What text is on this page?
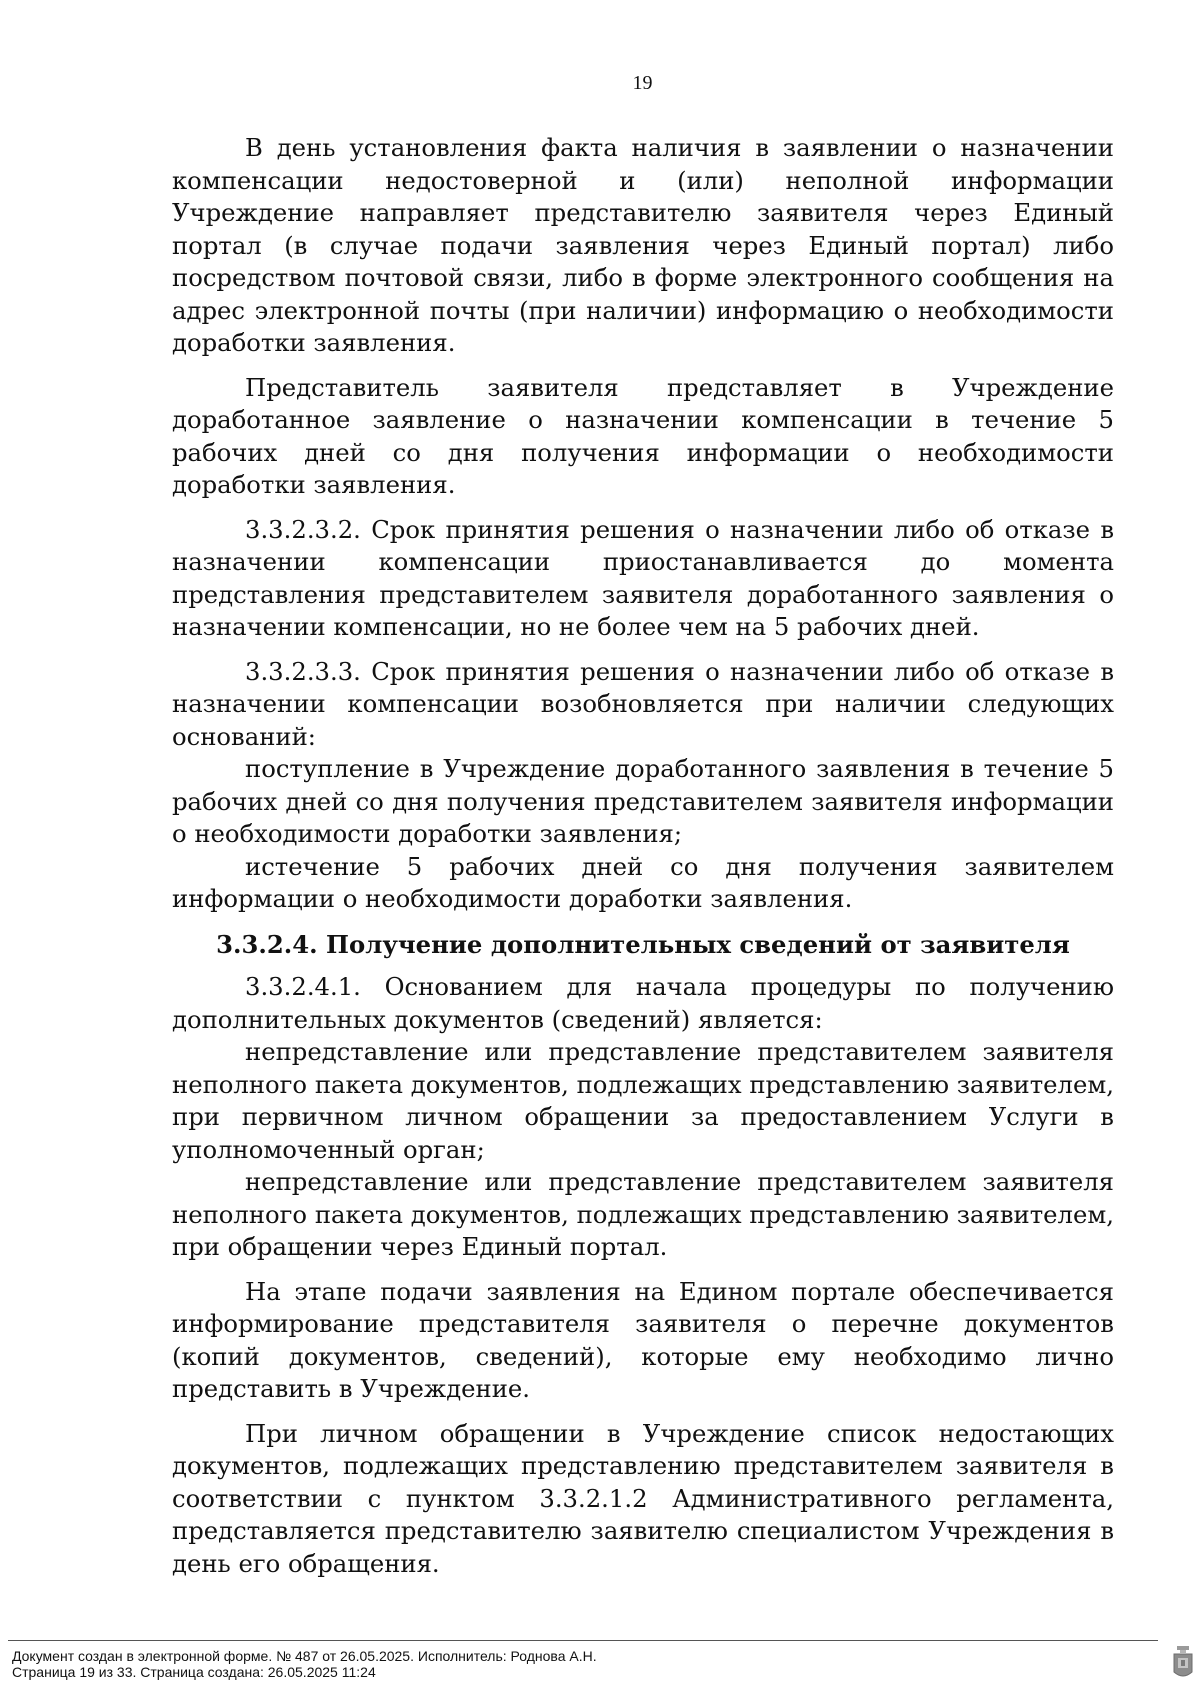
19

В день установления факта наличия в заявлении о назначении компенсации недостоверной и (или) неполной информации Учреждение направляет представителю заявителя через Единый портал (в случае подачи заявления через Единый портал) либо посредством почтовой связи, либо в форме электронного сообщения на адрес электронной почты (при наличии) информацию о необходимости доработки заявления.

Представитель заявителя представляет в Учреждение доработанное заявление о назначении компенсации в течение 5 рабочих дней со дня получения информации о необходимости доработки заявления.

3.3.2.3.2. Срок принятия решения о назначении либо об отказе в назначении компенсации приостанавливается до момента представления представителем заявителя доработанного заявления о назначении компенсации, но не более чем на 5 рабочих дней.

3.3.2.3.3. Срок принятия решения о назначении либо об отказе в назначении компенсации возобновляется при наличии следующих оснований:

поступление в Учреждение доработанного заявления в течение 5 рабочих дней со дня получения представителем заявителя информации о необходимости доработки заявления;

истечение 5 рабочих дней со дня получения заявителем информации о необходимости доработки заявления.

3.3.2.4. Получение дополнительных сведений от заявителя

3.3.2.4.1. Основанием для начала процедуры по получению дополнительных документов (сведений) является:

непредставление или представление представителем заявителя неполного пакета документов, подлежащих представлению заявителем, при первичном личном обращении за предоставлением Услуги в уполномоченный орган;

непредставление или представление представителем заявителя неполного пакета документов, подлежащих представлению заявителем, при обращении через Единый портал.

На этапе подачи заявления на Едином портале обеспечивается информирование представителя заявителя о перечне документов (копий документов, сведений), которые ему необходимо лично представить в Учреждение.

При личном обращении в Учреждение список недостающих документов, подлежащих представлению представителем заявителя в соответствии с пунктом 3.3.2.1.2 Административного регламента, представляется представителю заявителю специалистом Учреждения в день его обращения.

Документ создан в электронной форме. № 487 от 26.05.2025. Исполнитель: Роднова А.Н.
Страница 19 из 33. Страница создана: 26.05.2025 11:24
